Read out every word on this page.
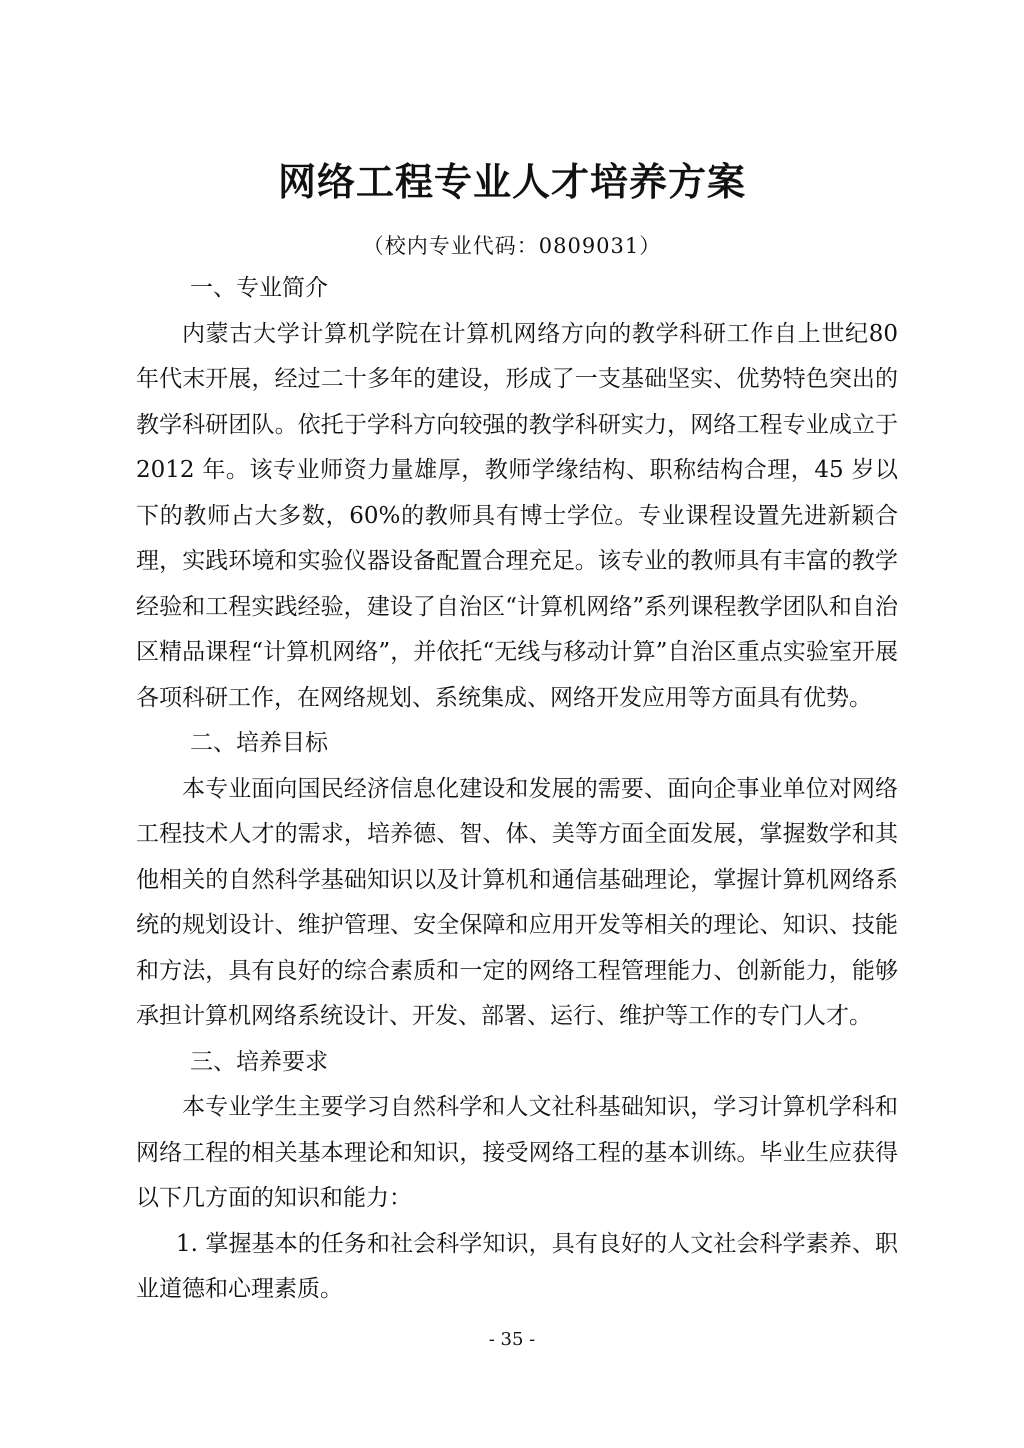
网络工程专业人才培养方案
（校内专业代码：0809031）

一、专业简介

内蒙古大学计算机学院在计算机网络方向的教学科研工作自上世纪80 年代末开展，经过二十多年的建设，形成了一支基础坚实、优势特色突出的教学科研团队。依托于学科方向较强的教学科研实力，网络工程专业成立于 2012 年。该专业师资力量雄厚，教师学缘结构、职称结构合理，45 岁以下的教师占大多数，60%的教师具有博士学位。专业课程设置先进新颖合理，实践环境和实验仪器设备配置合理充足。该专业的教师具有丰富的教学经验和工程实践经验，建设了自治区“计算机网络”系列课程教学团队和自治区精品课程“计算机网络”，并依托“无线与移动计算”自治区重点实验室开展各项科研工作，在网络规划、系统集成、网络开发应用等方面具有优势。

二、培养目标

本专业面向国民经济信息化建设和发展的需要、面向企事业单位对网络工程技术人才的需求，培养德、智、体、美等方面全面发展，掌握数学和其他相关的自然科学基础知识以及计算机和通信基础理论，掌握计算机网络系统的规划设计、维护管理、安全保障和应用开发等相关的理论、知识、技能和方法，具有良好的综合素质和一定的网络工程管理能力、创新能力，能够承担计算机网络系统设计、开发、部署、运行、维护等工作的专门人才。

三、培养要求

本专业学生主要学习自然科学和人文社科基础知识，学习计算机学科和网络工程的相关基本理论和知识，接受网络工程的基本训练。毕业生应获得以下几方面的知识和能力：

1. 掌握基本的任务和社会科学知识，具有良好的人文社会科学素养、职业道德和心理素质。

- 35 -
